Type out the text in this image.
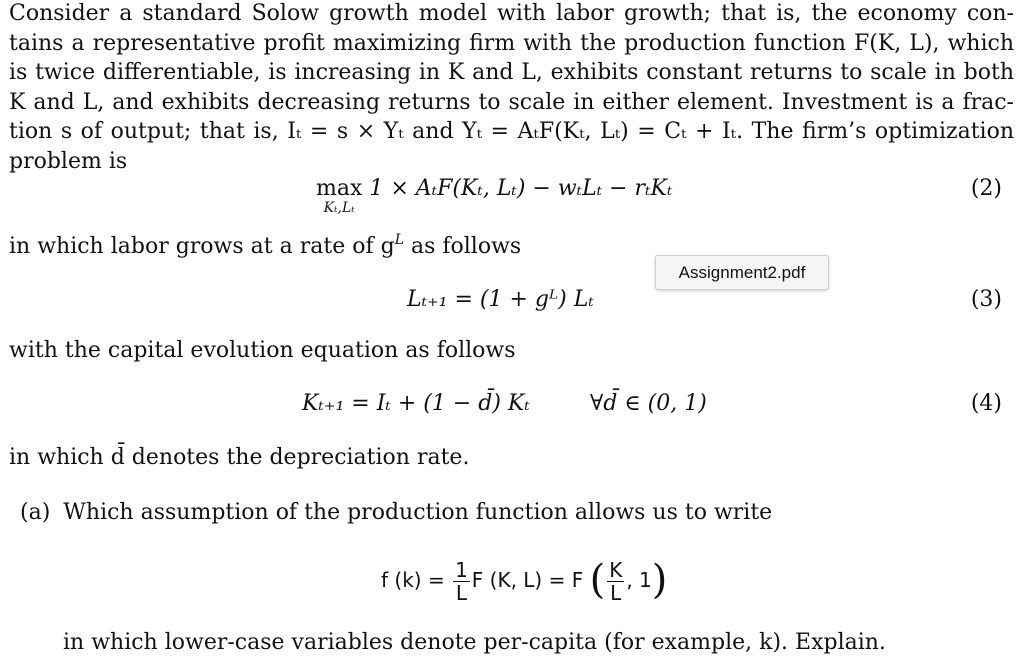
Consider a standard Solow growth model with labor growth; that is, the economy con-
tains a representative profit maximizing firm with the production function F(K, L), which
is twice differentiable, is increasing in K and L, exhibits constant returns to scale in both
K and L, and exhibits decreasing returns to scale in either element. Investment is a frac-
tion s of output; that is, Iₜ = s × Yₜ and Yₜ = AₜF(Kₜ, Lₜ) = Cₜ + Iₜ. The firm’s optimization
problem is
max
$^{K_t,L_t}$ 1 × AₜF(Kₜ, Lₜ) − wₜLₜ − rₜKₜ	(2)
in which labor grows at a rate of $g^L$ as follows
Assignment2.pdf
Lₜ₊₁ = (1 + gᴸ) Lₜ	(3)
with the capital evolution equation as follows
Kₜ₊₁ = Iₜ + (1 − d̄) Kₜ	∀d̄ ∈ (0, 1)	(4)
in which d̄ denotes the depreciation rate.
(a) Which assumption of the production function allows us to write
f $(k) = \frac{1}{L}$ F (K, L) = F ( $\frac{K}{L}$ , 1)
in which lower-case variables denote per-capita (for example, k). Explain.
